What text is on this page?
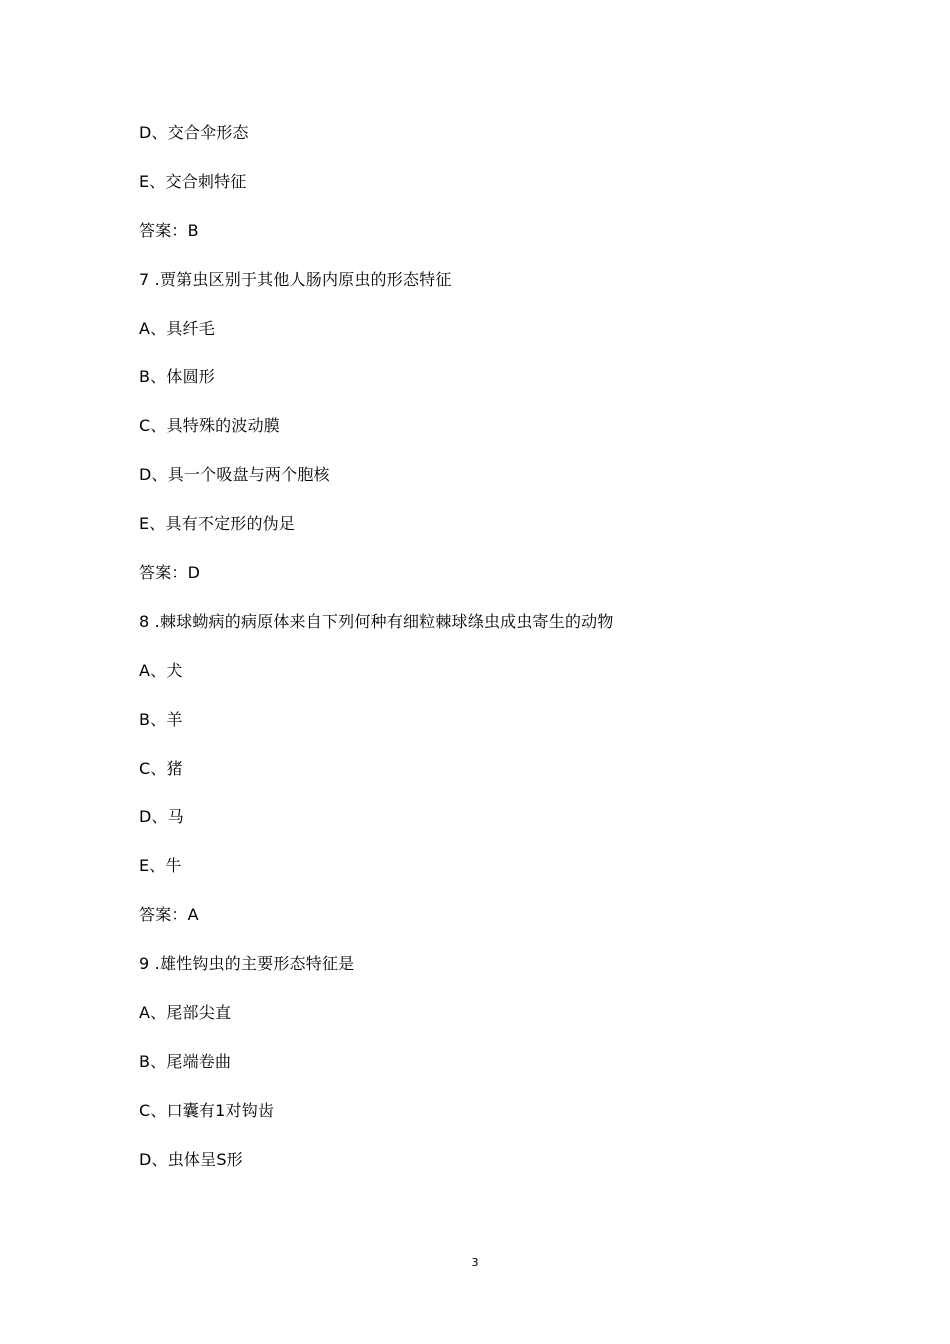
D、交合伞形态
E、交合刺特征
答案：B
7 .贾第虫区别于其他人肠内原虫的形态特征
A、具纤毛
B、体圆形
C、具特殊的波动膜
D、具一个吸盘与两个胞核
E、具有不定形的伪足
答案：D
8 .棘球蚴病的病原体来自下列何种有细粒棘球绦虫成虫寄生的动物
A、犬
B、羊
C、猪
D、马
E、牛
答案：A
9 .雄性钩虫的主要形态特征是
A、尾部尖直
B、尾端卷曲
C、口囊有1对钩齿
D、虫体呈S形
3
